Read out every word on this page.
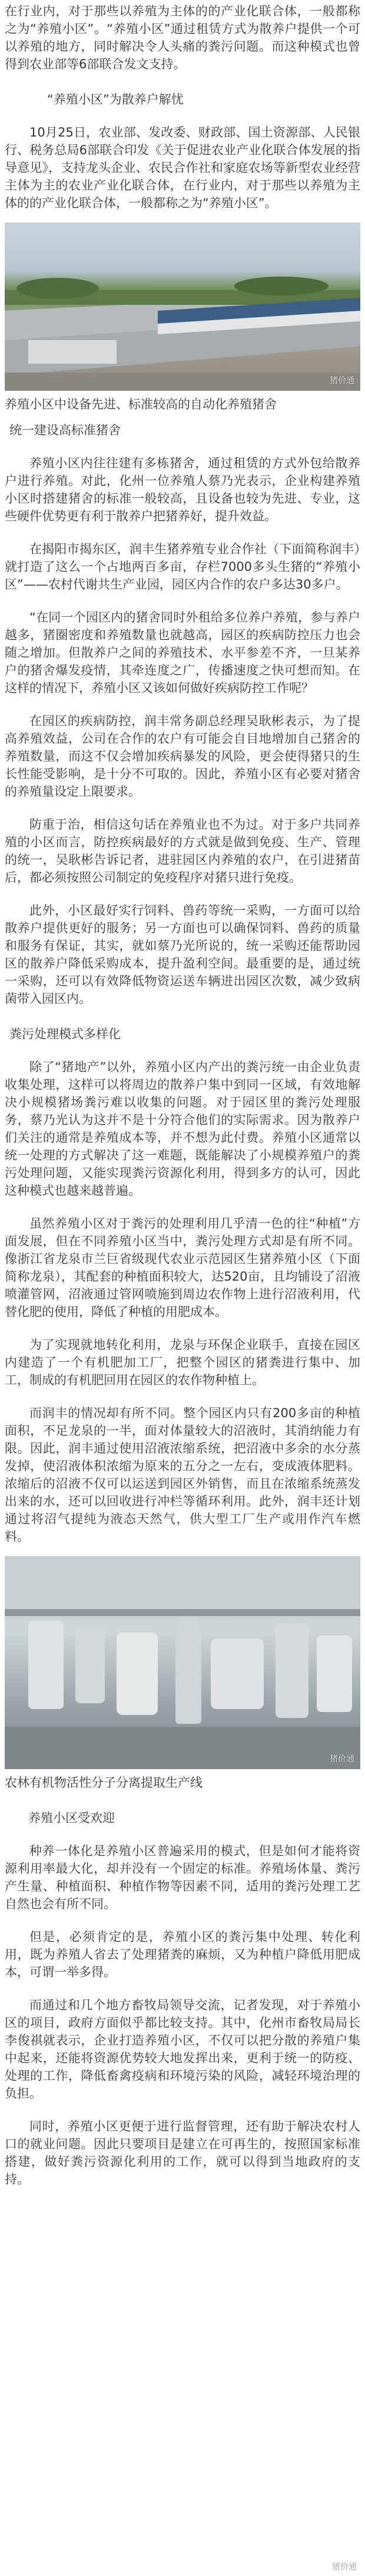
在行业内，对于那些以养殖为主体的的产业化联合体，一般都称之为“养殖小区”。“养殖小区”通过租赁方式为散养户提供一个可以养殖的地方，同时解决令人头痛的粪污问题。而这种模式也曾得到农业部等6部联合发文支持。

“养殖小区”为散养户解忧

10月25日，农业部、发改委、财政部、国土资源部、人民银行、税务总局6部联合印发《关于促进农业产业化联合体发展的指导意见》，支持龙头企业、农民合作社和家庭农场等新型农业经营主体为主的农业产业化联合体，在行业内，对于那些以养殖为主体的的产业化联合体，一般都称之为“养殖小区”。

猪价通
养殖小区中设备先进、标准较高的自动化养殖猪舍
统一建设高标准猪舍

养殖小区内往往建有多栋猪舍，通过租赁的方式外包给散养户进行养殖。对此，化州一位养殖人蔡乃光表示，企业构建养殖小区时搭建猪舍的标准一般较高，且设备也较为先进、专业，这些硬件优势更有利于散养户把猪养好，提升效益。

在揭阳市揭东区，润丰生猪养殖专业合作社（下面简称润丰）就打造了这么一个占地两百多亩，存栏7000多头生猪的“养殖小区”——农村代谢共生产业园，园区内合作的农户多达30多户。

“在同一个园区内的猪舍同时外租给多位养户养殖，参与养户越多，猪圈密度和养殖数量也就越高，园区的疾病防控压力也会随之增加。但散养户之间的养殖技术、水平参差不齐，一旦某养户的猪舍爆发疫情，其牵连度之广，传播速度之快可想而知。在这样的情况下，养殖小区又该如何做好疾病防控工作呢？

在园区的疾病防控，润丰常务副总经理吴耿彬表示，为了提高养殖效益，公司在合作的农户有可能会自目地增加自己猪舍的养殖数量，而这不仅会增加疾病暴发的风险，更会使得猪只的生长性能受影响，是十分不可取的。因此，养殖小区有必要对猪舍的养殖量设定上限要求。

防重于治，相信这句话在养殖业也不为过。对于多户共同养殖的小区而言，防控疾病最好的方式就是做到免疫、生产、管理的统一，吴耿彬告诉记者，进驻园区内养殖的农户，在引进猪苗后，都必须按照公司制定的免疫程序对猪只进行免疫。

此外，小区最好实行饲料、兽药等统一采购，一方面可以给散养户提供更好的服务；另一方面也可以确保饲料、兽药的质量和服务有保证，其实，就如蔡乃光所说的，统一采购还能帮助园区的散养户降低采购成本，提升盈利空间。最重要的是，通过统一采购，还可以有效降低物资运送车辆进出园区次数，减少致病菌带入园区内。

粪污处理模式多样化

除了“猪地产”以外，养殖小区内产出的粪污统一由企业负责收集处理，这样可以将周边的散养户集中到同一区域，有效地解决小规模猪场粪污难以收集的问题。对于园区里的粪污处理服务，蔡乃光认为这并不是十分符合他们的实际需求。因为散养户们关注的通常是养殖成本等，并不想为此付费。养殖小区通常以统一处理的方式解决了这一难题，既能解决了小规模养殖户的粪污处理问题，又能实现粪污资源化利用，得到多方的认可，因此这种模式也越来越普遍。

虽然养殖小区对于粪污的处理利用几乎清一色的往“种植”方面发展，但在不同养殖小区当中，粪污处理方式却是有所不同。像浙江省龙泉市兰巨省级现代农业示范园区生猪养殖小区（下面简称龙泉），其配套的种植面积较大，达520亩，且均铺设了沼液喷灌管网，沼液通过管网喷施到周边农作物上进行沼液利用，代替化肥的使用，降低了种植的用肥成本。

为了实现就地转化利用，龙泉与环保企业联手，直接在园区内建造了一个有机肥加工厂，把整个园区的猪粪进行集中、加工，制成的有机肥回用在园区的农作物种植上。

而润丰的情况却有所不同。整个园区内只有200多亩的种植面积，不足龙泉的一半，面对体量较大的沼液时，其消纳能力有限。因此，润丰通过使用沼液浓缩系统，把沼液中多余的水分蒸发掉，使沼液体积浓缩为原来的五分之一左右，变成液体肥料。浓缩后的沼液不仅可以运送到园区外销售，而且在浓缩系统蒸发出来的水，还可以回收进行冲栏等循环利用。此外，润丰还计划通过将沼气提纯为液态天然气，供大型工厂生产或用作汽车燃料。

猪价通
农林有机物活性分子分离提取生产线
养殖小区受欢迎

种养一体化是养殖小区普遍采用的模式，但是如何才能将资源利用率最大化，却并没有一个固定的标准。养殖场体量、粪污产生量、种植面积、种植作物等因素不同，适用的粪污处理工艺自然也会有所不同。

但是，必须肯定的是，养殖小区的粪污集中处理、转化利用，既为养殖人省去了处理猪粪的麻烦，又为种植户降低用肥成本，可谓一举多得。

而通过和几个地方畜牧局领导交流，记者发现，对于养殖小区的项目，政府方面似乎都比较支持。其中，化州市畜牧局局长李俊祺就表示，企业打造养殖小区，不仅可以把分散的养殖户集中起来，还能将资源优势较大地发挥出来，更利于统一的防疫、处理的工作，降低畜禽疫病和环境污染的风险，减轻环境治理的负担。

同时，养殖小区更便于进行监督管理，还有助于解决农村人口的就业问题。因此只要项目是建立在可再生的，按照国家标准搭建，做好粪污资源化利用的工作，就可以得到当地政府的支持。

猪价通
